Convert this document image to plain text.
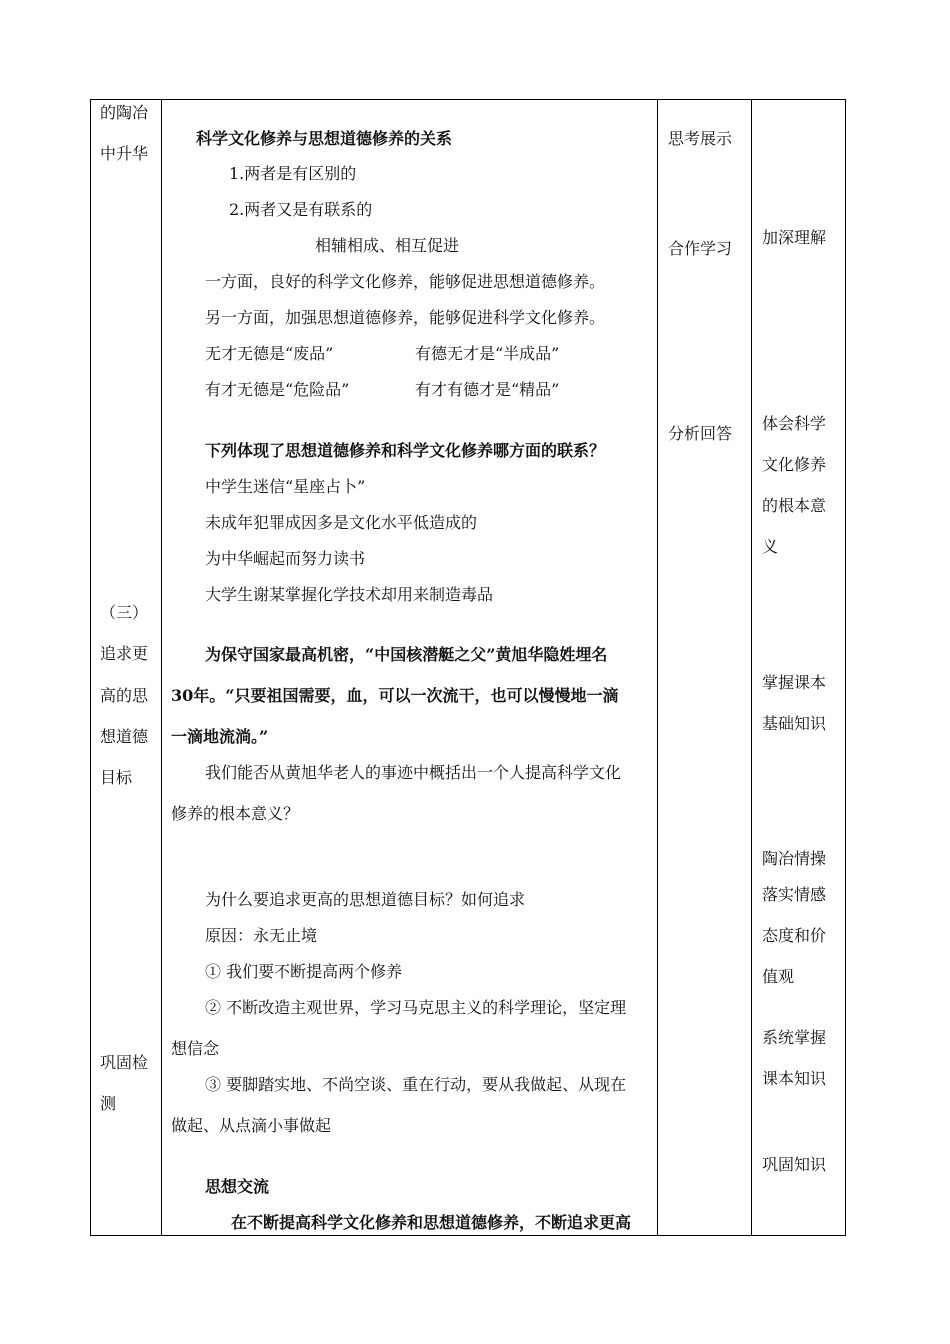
的陶冶
中升华
（三）
追求更
高的思
想道德
目标
巩固检
测
科学文化修养与思想道德修养的关系
1.两者是有区别的
2.两者又是有联系的
相辅相成、相互促进
一方面，良好的科学文化修养，能够促进思想道德修养。
另一方面，加强思想道德修养，能够促进科学文化修养。
无才无德是“废品”	有德无才是“半成品”
有才无德是“危险品”	有才有德才是“精品”
下列体现了思想道德修养和科学文化修养哪方面的联系？
中学生迷信“星座占卜”
未成年犯罪成因多是文化水平低造成的
为中华崛起而努力读书
大学生谢某掌握化学技术却用来制造毒品
为保守国家最高机密，“中国核潜艇之父”黄旭华隐姓埋名
30年。“只要祖国需要，血，可以一次流干，也可以慢慢地一滴
一滴地流淌。”
我们能否从黄旭华老人的事迹中概括出一个人提高科学文化
修养的根本意义？
为什么要追求更高的思想道德目标？如何追求
原因：永无止境
① 我们要不断提高两个修养
② 不断改造主观世界，学习马克思主义的科学理论，坚定理
想信念
③ 要脚踏实地、不尚空谈、重在行动，要从我做起、从现在
做起、从点滴小事做起
思想交流
在不断提高科学文化修养和思想道德修养，不断追求更高
思考展示
合作学习
分析回答
加深理解
体会科学
文化修养
的根本意
义
掌握课本
基础知识
陶冶情操
落实情感
态度和价
值观
系统掌握
课本知识
巩固知识
